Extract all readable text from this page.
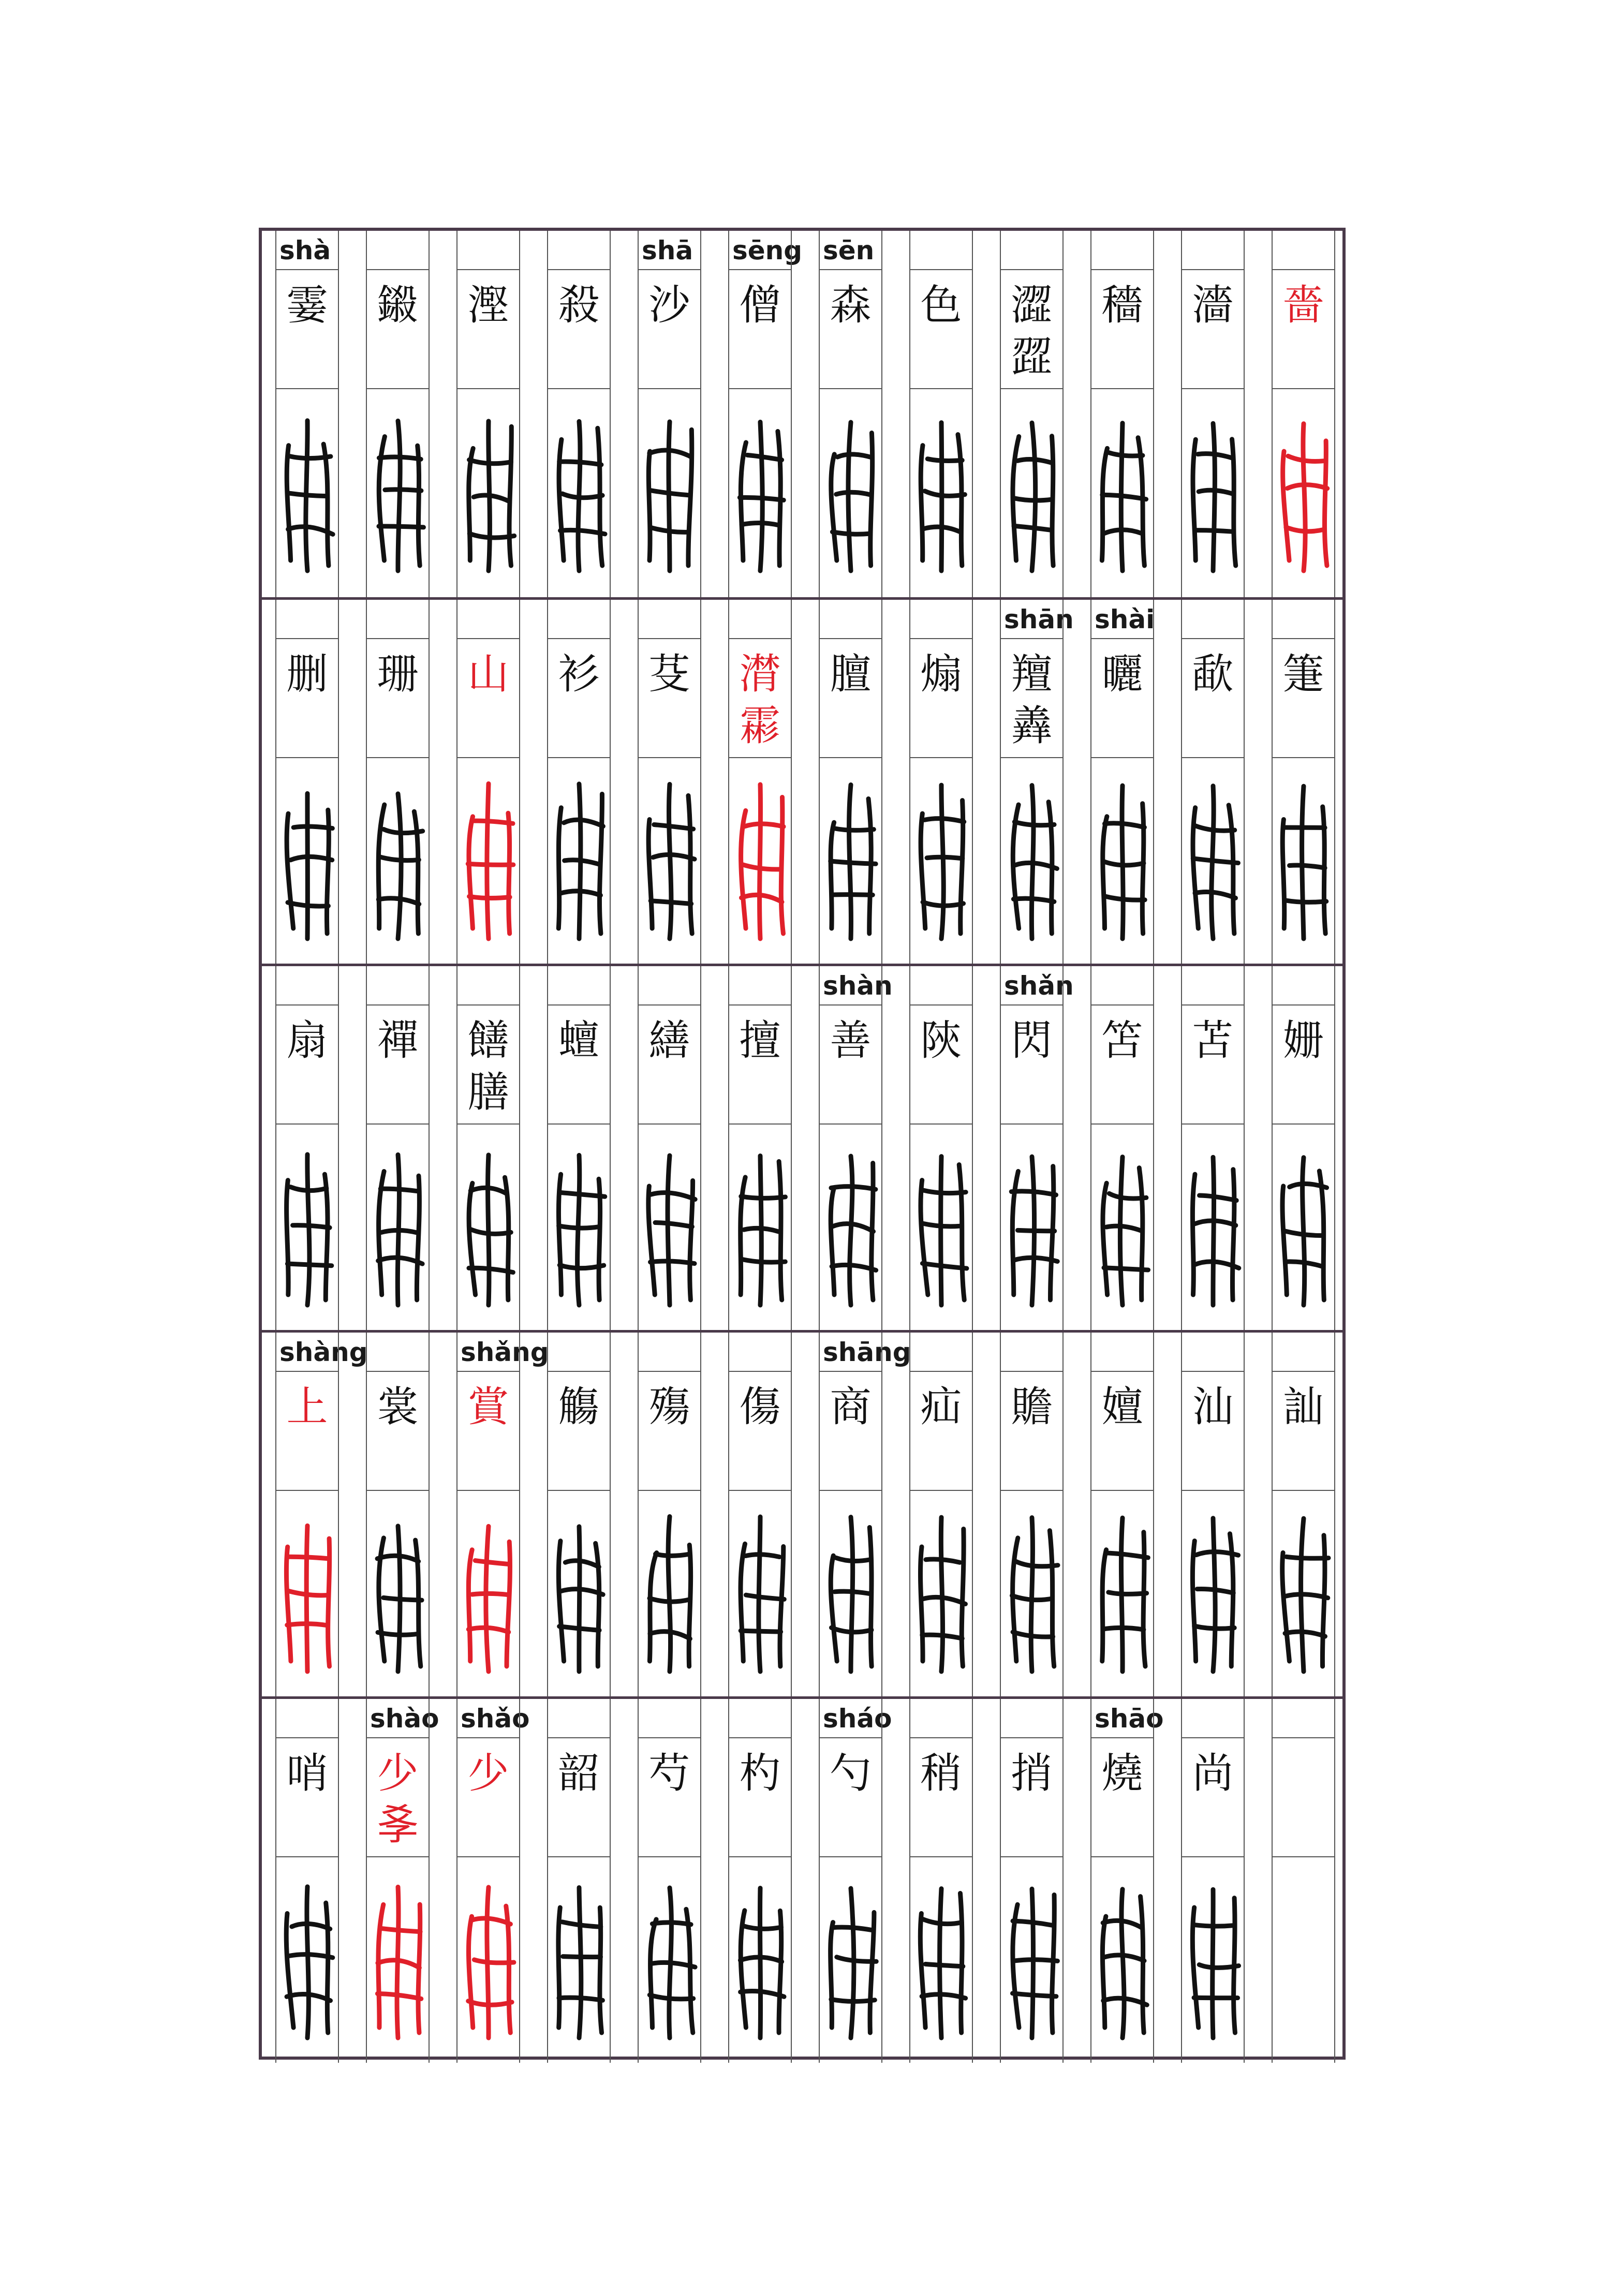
shà
霎 鎩 𣻹 殺
shā
沙
sēng
僧
sēn
森 色 澀
歰
穡 濇 嗇
删 珊 山 衫 芟 潸
霦
膻 煽
shān
羶
羴
shài
曬 歃 箑
扇 禪 饍
膳
蟺 繕 擅
shàn
善 陝
shǎn
閃 笘 苫 姗
shàng
上 裳
shǎng
賞 觴 殤 傷
shāng
商 疝 贍 嬗 汕 訕
哨
shào
少
𡥈
shǎo
少 韶 芍 杓
sháo
勺 稍 捎
shāo
燒 尚
